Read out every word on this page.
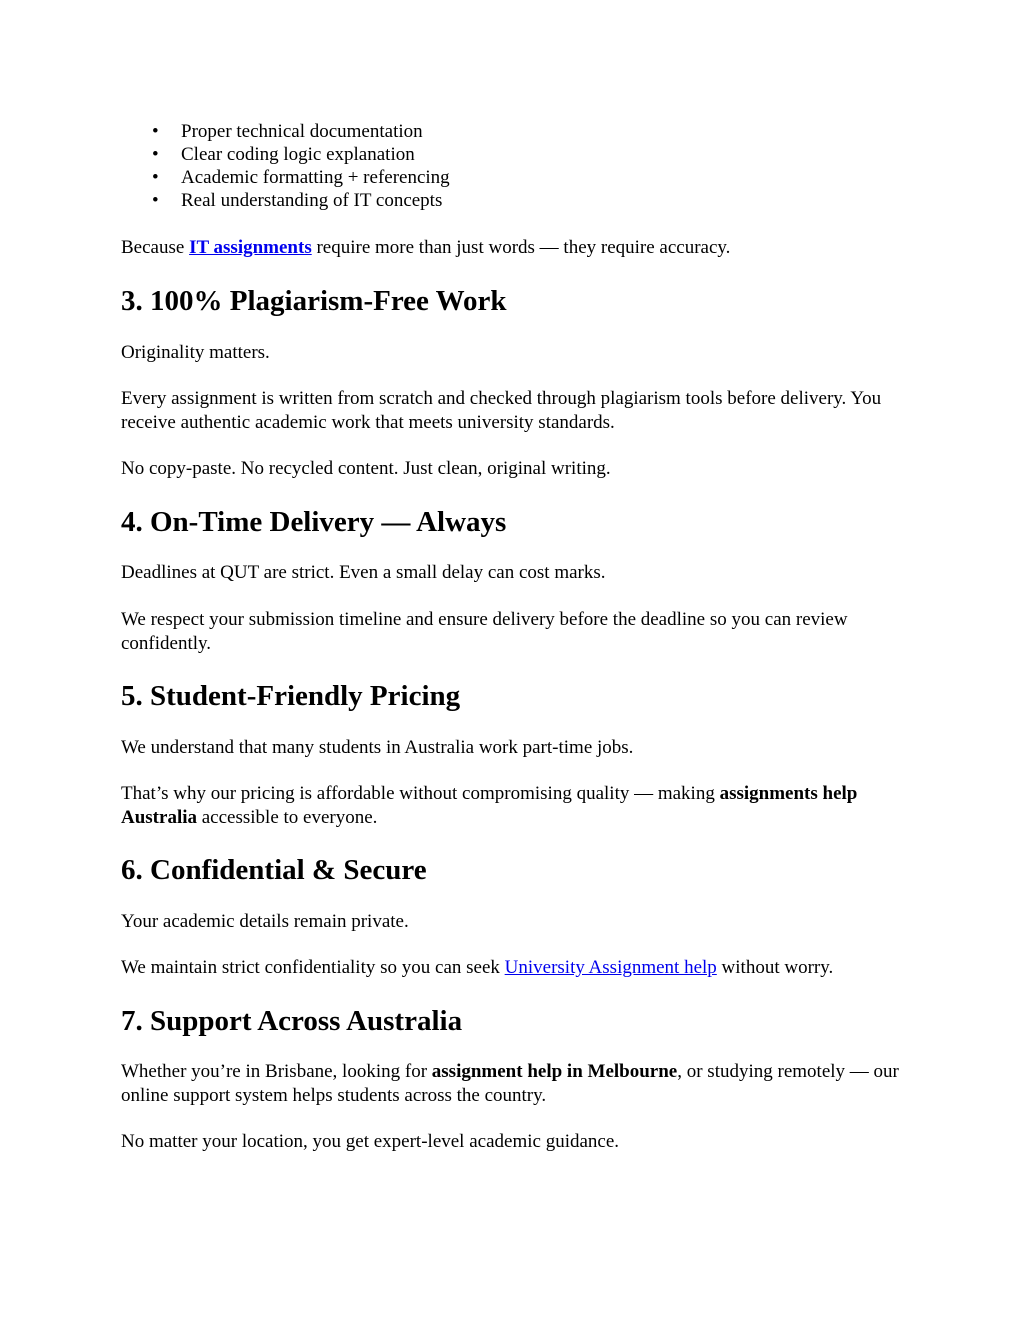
• Proper technical documentation
• Clear coding logic explanation
• Academic formatting + referencing
• Real understanding of IT concepts

Because IT assignments require more than just words — they require accuracy.

3. 100% Plagiarism-Free Work

Originality matters.

Every assignment is written from scratch and checked through plagiarism tools before delivery. You receive authentic academic work that meets university standards.

No copy-paste. No recycled content. Just clean, original writing.

4. On-Time Delivery — Always

Deadlines at QUT are strict. Even a small delay can cost marks.

We respect your submission timeline and ensure delivery before the deadline so you can review confidently.

5. Student-Friendly Pricing

We understand that many students in Australia work part-time jobs.

That’s why our pricing is affordable without compromising quality — making assignments help Australia accessible to everyone.

6. Confidential & Secure

Your academic details remain private.

We maintain strict confidentiality so you can seek University Assignment help without worry.

7. Support Across Australia

Whether you’re in Brisbane, looking for assignment help in Melbourne, or studying remotely — our online support system helps students across the country.

No matter your location, you get expert-level academic guidance.
